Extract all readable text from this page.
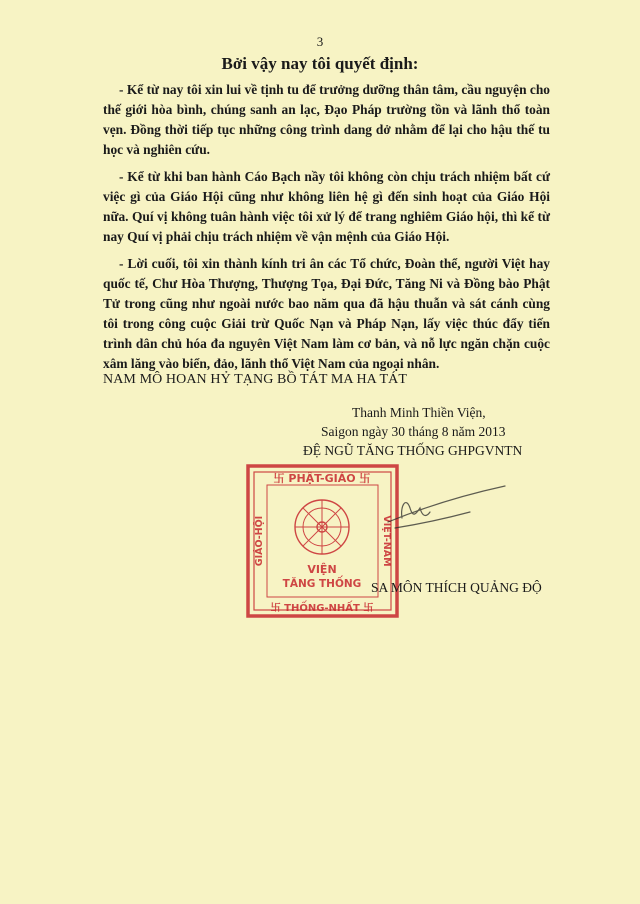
3
Bởi vậy nay tôi quyết định:

- Kể từ nay tôi xin lui về tịnh tu để trưởng dưỡng thân tâm, cầu nguyện cho thế giới hòa bình, chúng sanh an lạc, Đạo Pháp trường tồn và lãnh thổ toàn vẹn. Đồng thời tiếp tục những công trình dang dở nhằm để lại cho hậu thế tu học và nghiên cứu.

- Kể từ khi ban hành Cáo Bạch nầy tôi không còn chịu trách nhiệm bất cứ việc gì của Giáo Hội cũng như không liên hệ gì đến sinh hoạt của Giáo Hội nữa. Quí vị không tuân hành việc tôi xử lý để trang nghiêm Giáo hội, thì kể từ nay Quí vị phải chịu trách nhiệm về vận mệnh của Giáo Hội.

- Lời cuối, tôi xin thành kính tri ân các Tổ chức, Đoàn thể, người Việt hay quốc tế, Chư Hòa Thượng, Thượng Tọa, Đại Đức, Tăng Ni và Đồng bào Phật Tử trong cũng như ngoài nước bao năm qua đã hậu thuẫn và sát cánh cùng tôi trong công cuộc Giải trừ Quốc Nạn và Pháp Nạn, lấy việc thúc đẩy tiến trình dân chủ hóa đa nguyên Việt Nam làm cơ bản, và nỗ lực ngăn chặn cuộc xâm lăng vào biển, đảo, lãnh thổ Việt Nam của ngoại nhân.

NAM MÔ HOAN HỶ TẠNG BỒ TÁT MA HA TÁT
Thanh Minh Thiền Viện,
Saigon ngày 30 tháng 8 năm 2013
ĐỆ NGŨ TĂNG THỐNG GHPGVNTN
卐 PHẬT-GIÁO 卐
卐 THỐNG-NHẤT 卐
GIÁO-HỘI	VIỆT-NAM
VIỆN
TĂNG THỐNG SA MÔN THÍCH QUẢNG ĐỘ
